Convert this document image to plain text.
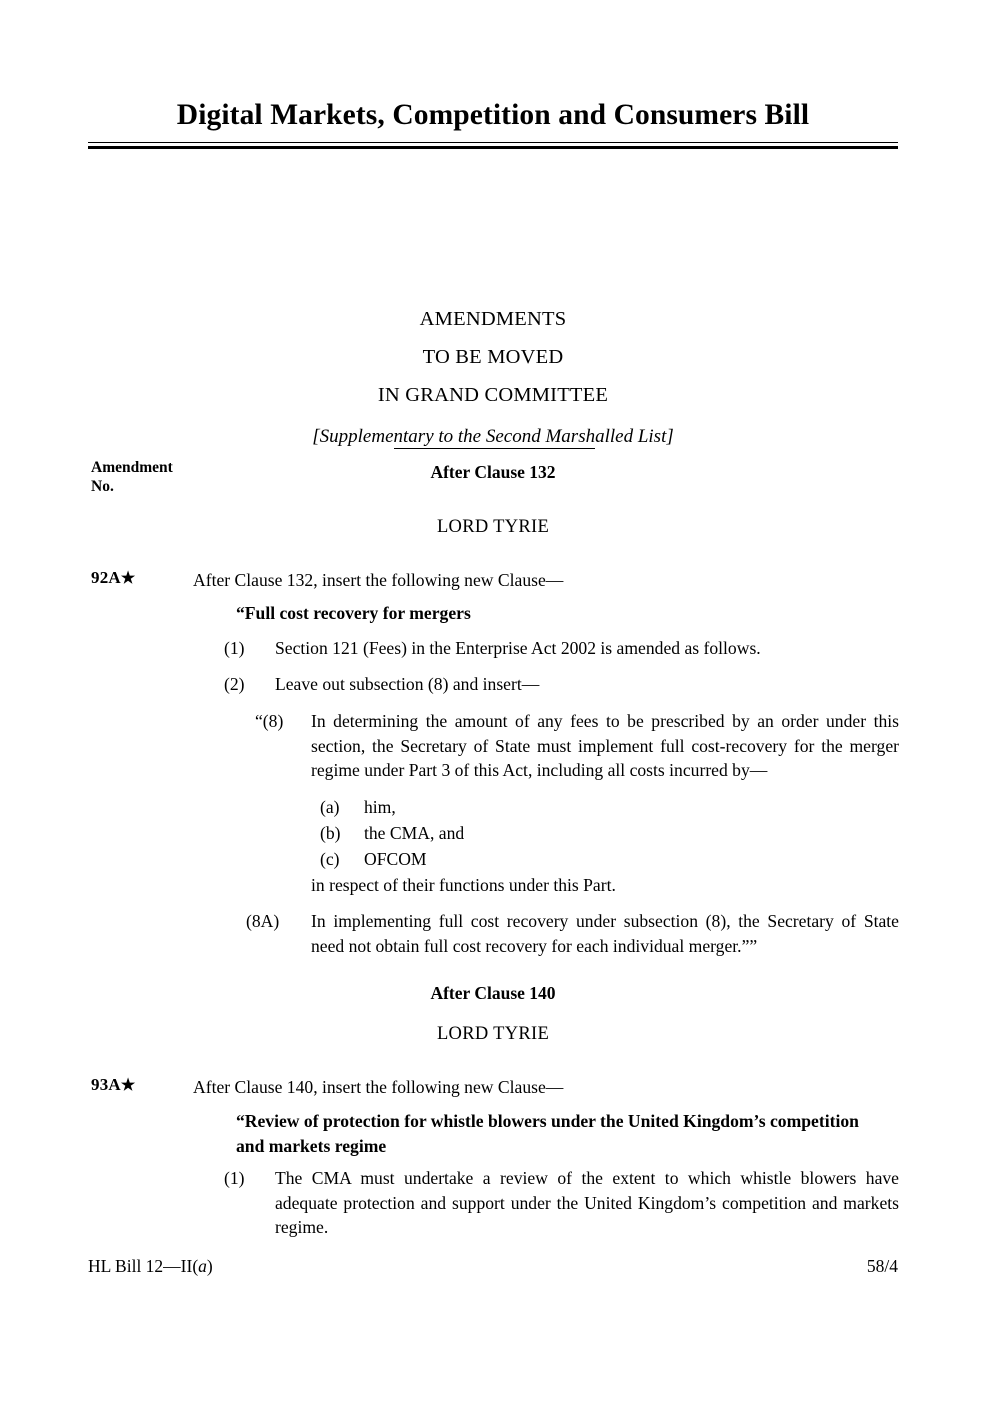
Digital Markets, Competition and Consumers Bill
AMENDMENTS
TO BE MOVED
IN GRAND COMMITTEE
[Supplementary to the Second Marshalled List]
Amendment
No.
After Clause 132
LORD TYRIE
92A★	After Clause 132, insert the following new Clause—
“Full cost recovery for mergers
(1)	Section 121 (Fees) in the Enterprise Act 2002 is amended as follows.
(2)	Leave out subsection (8) and insert—
“(8)	In determining the amount of any fees to be prescribed by an order under this section, the Secretary of State must implement full cost-recovery for the merger regime under Part 3 of this Act, including all costs incurred by—
(a)	him,
(b)	the CMA, and
(c)	OFCOM
in respect of their functions under this Part.
(8A)	In implementing full cost recovery under subsection (8), the Secretary of State need not obtain full cost recovery for each individual merger.””
After Clause 140
LORD TYRIE
93A★	After Clause 140, insert the following new Clause—
“Review of protection for whistle blowers under the United Kingdom’s competition and markets regime
(1)	The CMA must undertake a review of the extent to which whistle blowers have adequate protection and support under the United Kingdom’s competition and markets regime.
HL Bill 12—II(a)	58/4
